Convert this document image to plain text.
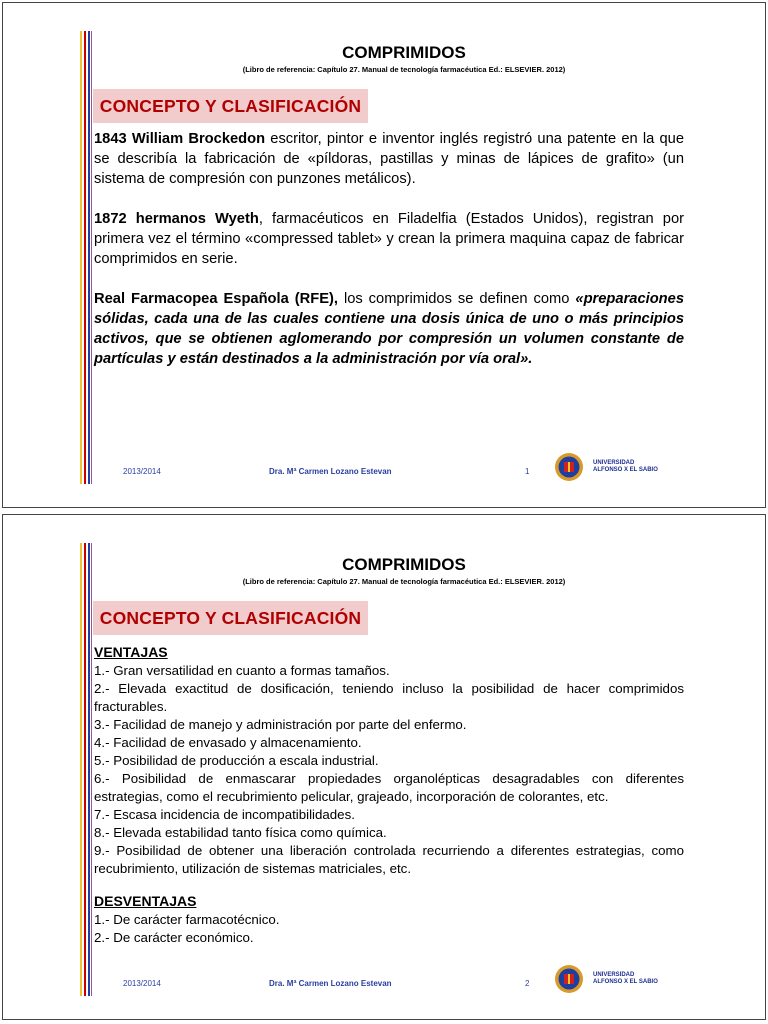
COMPRIMIDOS
(Libro de referencia: Capítulo 27. Manual de tecnología farmacéutica Ed.: ELSEVIER. 2012)
CONCEPTO Y CLASIFICACIÓN

1843 William Brockedon escritor, pintor e inventor inglés registró una patente en la que se describía la fabricación de «píldoras, pastillas y minas de lápices de grafito» (un sistema de compresión con punzones metálicos).

1872 hermanos Wyeth, farmacéuticos en Filadelfia (Estados Unidos), registran por primera vez el término «compressed tablet» y crean la primera maquina capaz de fabricar comprimidos en serie.

Real Farmacopea Española (RFE), los comprimidos se definen como «preparaciones sólidas, cada una de las cuales contiene una dosis única de uno o más principios activos, que se obtienen aglomerando por compresión un volumen constante de partículas y están destinados a la administración por vía oral».

2013/2014	Dra. Mª Carmen Lozano Estevan	1
UNIVERSIDAD
ALFONSO X EL SABIO
COMPRIMIDOS
(Libro de referencia: Capítulo 27. Manual de tecnología farmacéutica Ed.: ELSEVIER. 2012)
CONCEPTO Y CLASIFICACIÓN
VENTAJAS
1.- Gran versatilidad en cuanto a formas tamaños.
2.- Elevada exactitud de dosificación, teniendo incluso la posibilidad de hacer comprimidos fracturables.
3.- Facilidad de manejo y administración por parte del enfermo.
4.- Facilidad de envasado y almacenamiento.
5.- Posibilidad de producción a escala industrial.
6.- Posibilidad de enmascarar propiedades organolépticas desagradables con diferentes estrategias, como el recubrimiento pelicular, grajeado, incorporación de colorantes, etc.
7.- Escasa incidencia de incompatibilidades.
8.- Elevada estabilidad tanto física como química.
9.- Posibilidad de obtener una liberación controlada recurriendo a diferentes estrategias, como recubrimiento, utilización de sistemas matriciales, etc.
DESVENTAJAS
1.- De carácter farmacotécnico.
2.- De carácter económico.
2013/2014	Dra. Mª Carmen Lozano Estevan	2
UNIVERSIDAD
ALFONSO X EL SABIO
